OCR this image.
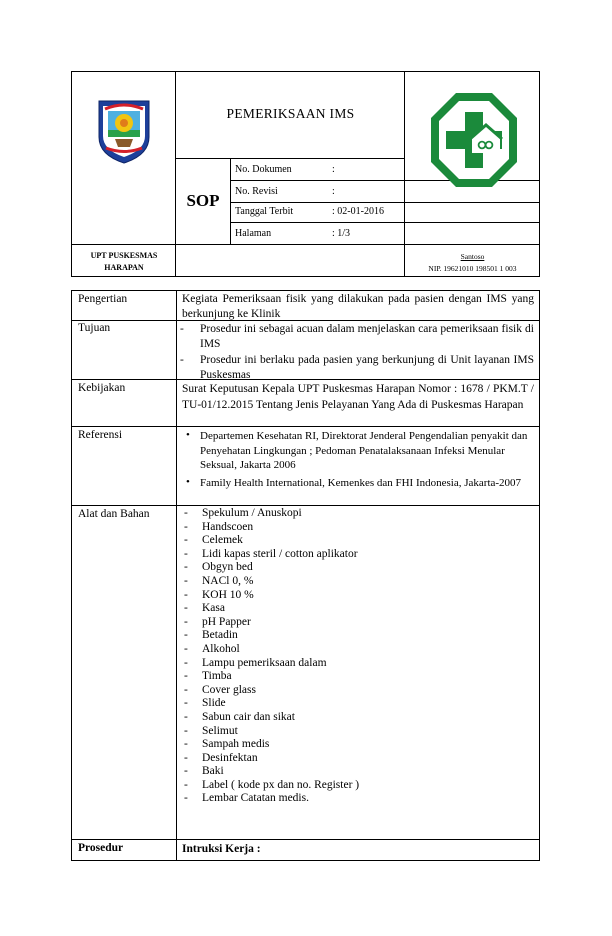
PEMERIKSAAN IMS
SOP
No. Dokumen	:
No. Revisi	:
Tanggal Terbit	: 02-01-2016
Halaman	: 1/3
UPT PUSKESMAS
HARAPAN
Santoso
NIP. 19621010 198501 1 003
Pengertian	Kegiata Pemeriksaan fisik yang dilakukan pada pasien dengan IMS yang berkunjung ke Klinik
Tujuan	- Prosedur ini sebagai acuan dalam menjelaskan cara pemeriksaan fisik di IMS
- Prosedur ini berlaku pada pasien yang berkunjung di Unit layanan IMS Puskesmas
Kebijakan	Surat Keputusan Kepala UPT Puskesmas Harapan Nomor : 1678 / PKM.T / TU-01/12.2015 Tentang Jenis Pelayanan Yang Ada di Puskesmas Harapan
Referensi	• Departemen Kesehatan RI, Direktorat Jenderal Pengendalian penyakit dan Penyehatan Lingkungan ; Pedoman Penatalaksanaan Infeksi Menular Seksual, Jakarta 2006
• Family Health International, Kemenkes dan FHI Indonesia, Jakarta-2007
Alat dan Bahan	- Spekulum / Anuskopi
- Handscoen
- Celemek
- Lidi kapas steril / cotton aplikator
- Obgyn bed
- NACl 0, %
- KOH 10 %
- Kasa
- pH Papper
- Betadin
- Alkohol
- Lampu pemeriksaan dalam
- Timba
- Cover glass
- Slide
- Sabun cair dan sikat
- Selimut
- Sampah medis
- Desinfektan
- Baki
- Label ( kode px dan no. Register )
- Lembar Catatan medis.
Prosedur	Intruksi Kerja :
